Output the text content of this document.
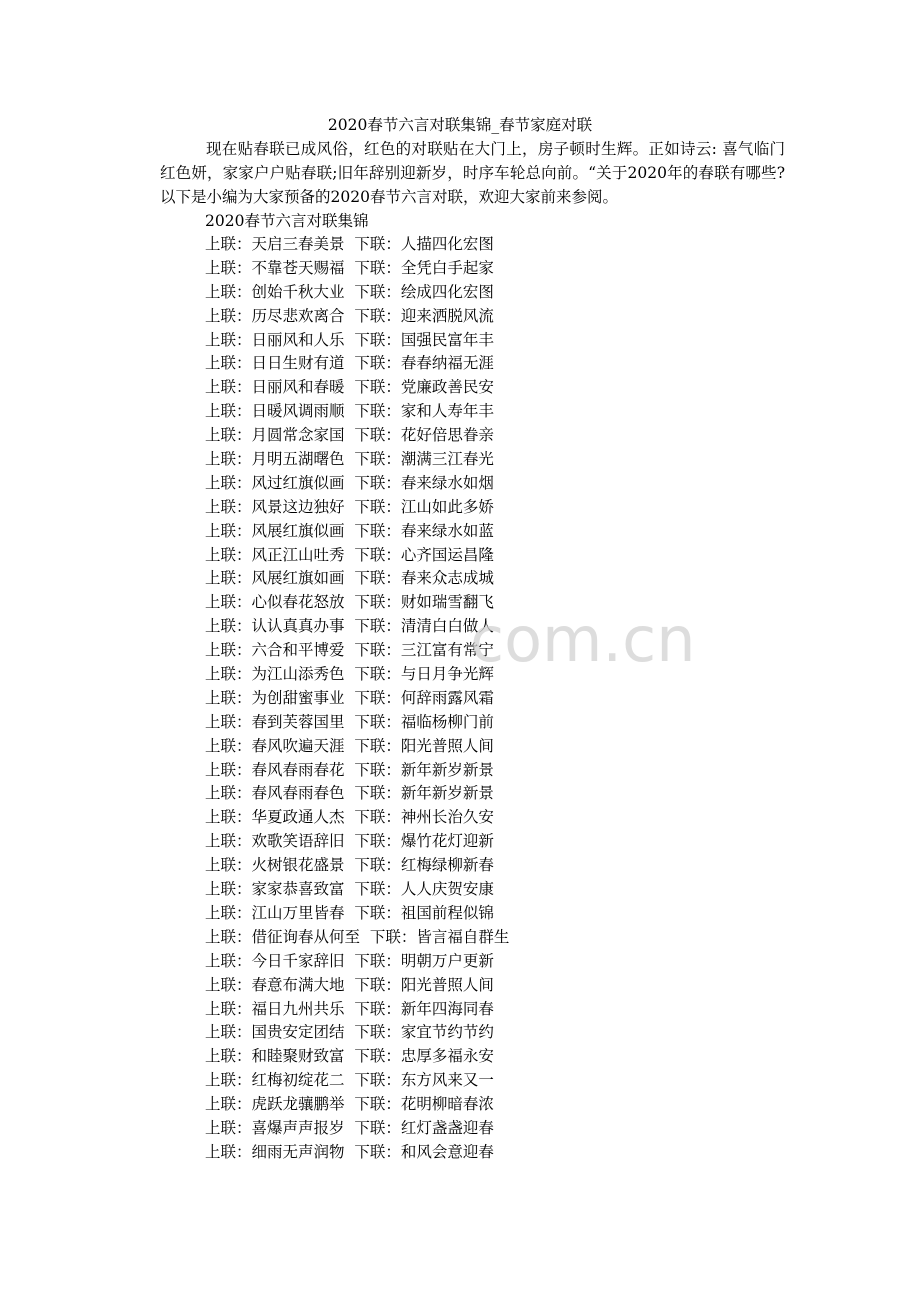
2020春节六言对联集锦_春节家庭对联

现在贴春联已成风俗，红色的对联贴在大门上，房子顿时生辉。正如诗云: 喜气临门红色妍，家家户户贴春联;旧年辞别迎新岁，时序车轮总向前。“关于2020年的春联有哪些?以下是小编为大家预备的2020春节六言对联，欢迎大家前来参阅。

2020春节六言对联集锦
上联：天启三春美景  下联：人描四化宏图
上联：不靠苍天赐福  下联：全凭白手起家
上联：创始千秋大业  下联：绘成四化宏图
上联：历尽悲欢离合  下联：迎来洒脱风流
上联：日丽风和人乐  下联：国强民富年丰
上联：日日生财有道  下联：春春纳福无涯
上联：日丽风和春暖  下联：党廉政善民安
上联：日暖风调雨顺  下联：家和人寿年丰
上联：月圆常念家国  下联：花好倍思眷亲
上联：月明五湖曙色  下联：潮满三江春光
上联：风过红旗似画  下联：春来绿水如烟
上联：风景这边独好  下联：江山如此多娇
上联：风展红旗似画  下联：春来绿水如蓝
上联：风正江山吐秀  下联：心齐国运昌隆
上联：风展红旗如画  下联：春来众志成城
上联：心似春花怒放  下联：财如瑞雪翻飞
上联：认认真真办事  下联：清清白白做人
上联：六合和平博爱  下联：三江富有常宁
上联：为江山添秀色  下联：与日月争光辉
上联：为创甜蜜事业  下联：何辞雨露风霜
上联：春到芙蓉国里  下联：福临杨柳门前
上联：春风吹遍天涯  下联：阳光普照人间
上联：春风春雨春花  下联：新年新岁新景
上联：春风春雨春色  下联：新年新岁新景
上联：华夏政通人杰  下联：神州长治久安
上联：欢歌笑语辞旧  下联：爆竹花灯迎新
上联：火树银花盛景  下联：红梅绿柳新春
上联：家家恭喜致富  下联：人人庆贺安康
上联：江山万里皆春  下联：祖国前程似锦
上联：借征询春从何至  下联：皆言福自群生
上联：今日千家辞旧  下联：明朝万户更新
上联：春意布满大地  下联：阳光普照人间
上联：福日九州共乐  下联：新年四海同春
上联：国贵安定团结  下联：家宜节约节约
上联：和睦聚财致富  下联：忠厚多福永安
上联：红梅初绽花二  下联：东方风来又一
上联：虎跃龙骧鹏举  下联：花明柳暗春浓
上联：喜爆声声报岁  下联：红灯盏盏迎春
上联：细雨无声润物  下联：和风会意迎春
com.cn
